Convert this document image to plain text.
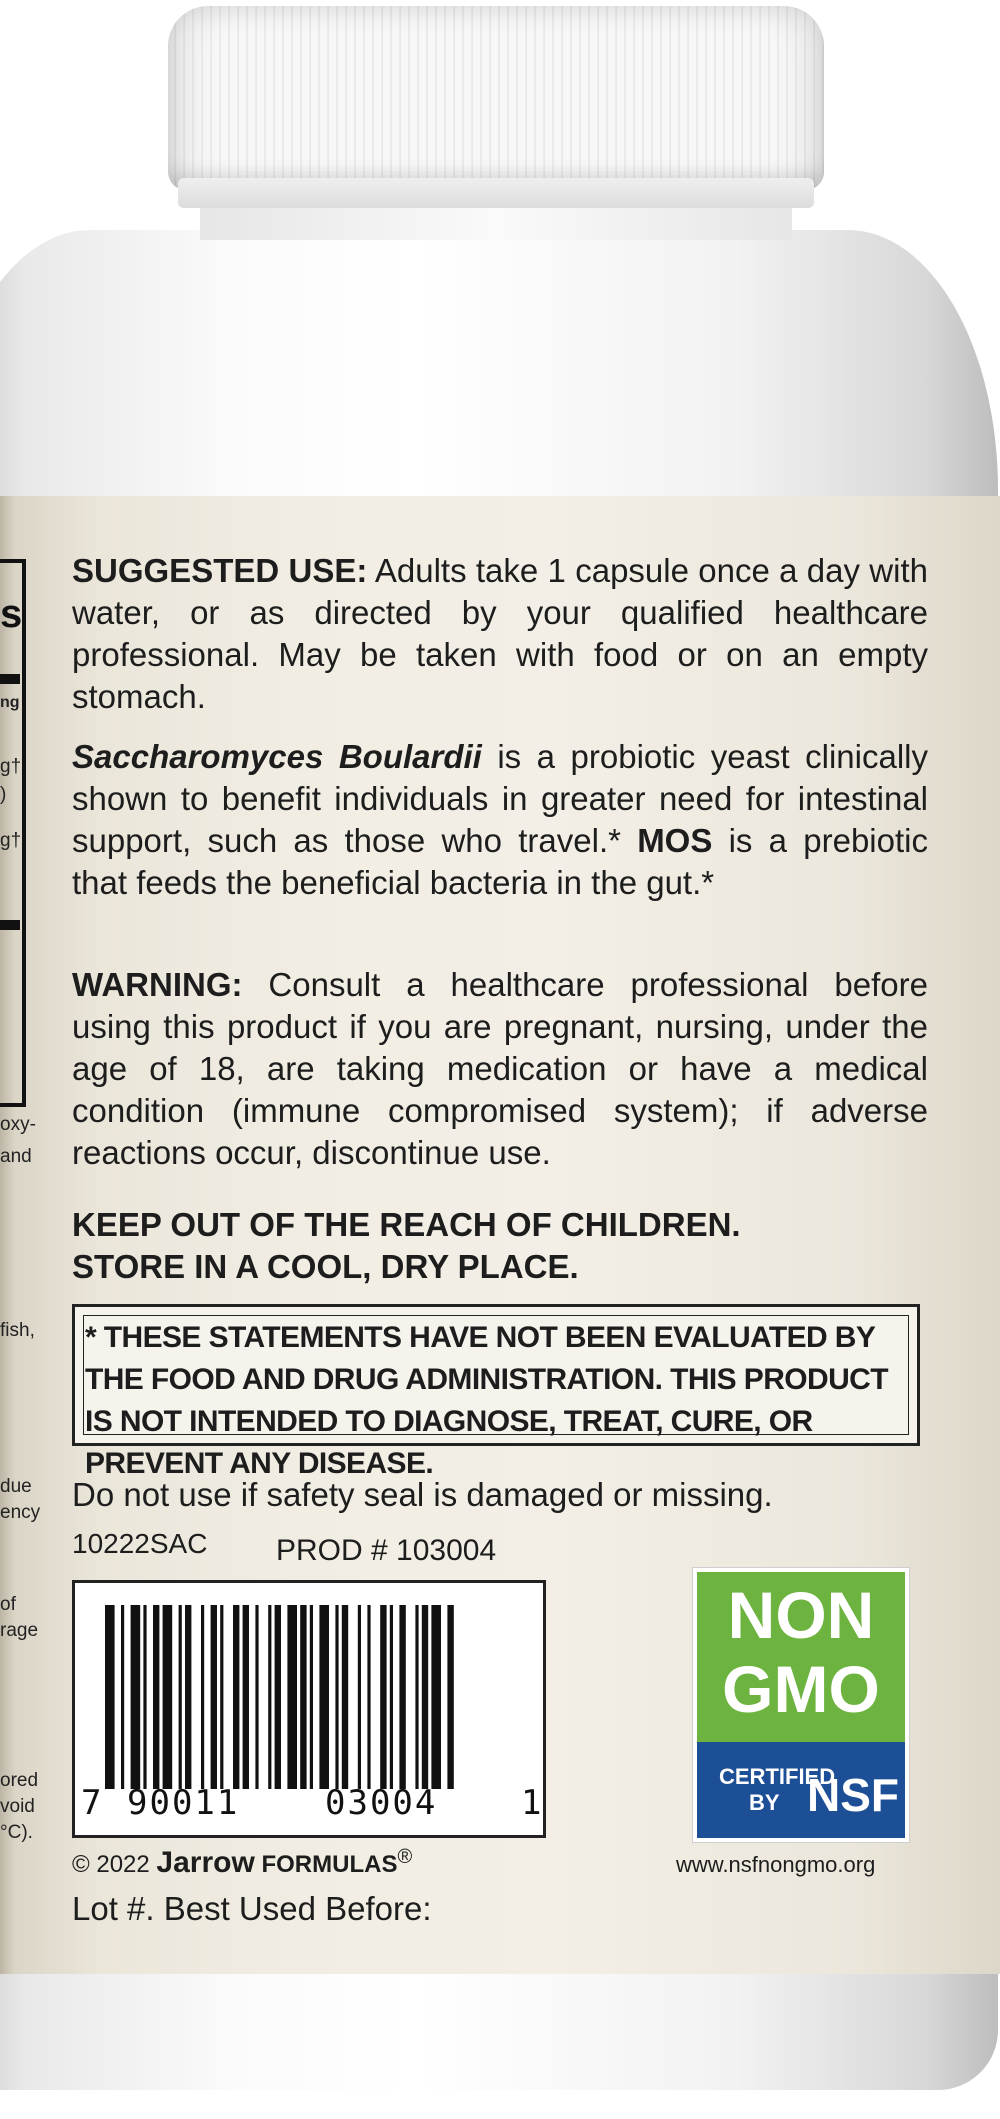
s
ng
g†
)
g†
oxy-
and
fish,
due
ency
of
rage
ored
void
°C).
SUGGESTED USE: Adults take 1 capsule once a day with water, or as directed by your qualified healthcare professional. May be taken with food or on an empty stomach.
Saccharomyces Boulardii is a probiotic yeast clinically shown to benefit individuals in greater need for intestinal support, such as those who travel.* MOS is a prebiotic that feeds the beneficial bacteria in the gut.*
WARNING: Consult a healthcare professional before using this product if you are pregnant, nursing, under the age of 18, are taking medication or have a medical condition (immune compromised system); if adverse reactions occur, discontinue use.
KEEP OUT OF THE REACH OF CHILDREN.
STORE IN A COOL, DRY PLACE.
* THESE STATEMENTS HAVE NOT BEEN EVALUATED BY THE FOOD AND DRUG ADMINISTRATION. THIS PRODUCT IS NOT INTENDED TO DIAGNOSE, TREAT, CURE, OR PREVENT ANY DISEASE.
Do not use if safety seal is damaged or missing.
10222SAC PROD # 103004
7 90011	03004 1
NON
GMO
CERTIFIED
BY NSF
www.nsfnongmo.org
© 2022 Jarrow FORMULAS®
Lot #. Best Used Before:
